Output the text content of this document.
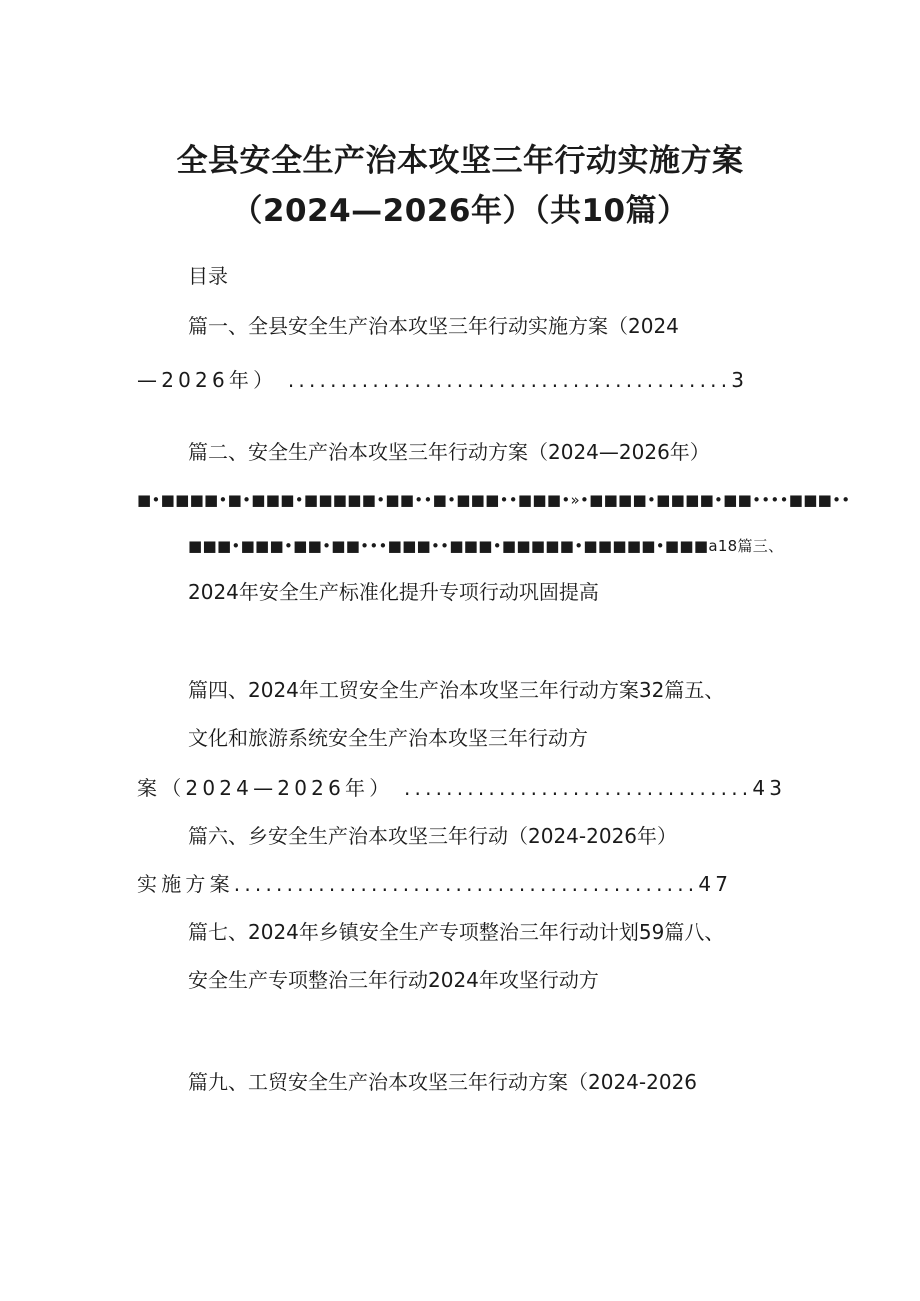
全县安全生产治本攻坚三年行动实施方案
（2024—2026年）（共10篇）
目录
篇一、全县安全生产治本攻坚三年行动实施方案（2024
—2026年） ..........................................3
篇二、安全生产治本攻坚三年行动方案（2024—2026年）
■•■■■■•■•■■■•■■■■■•■■••■•■■■••■■■•»•■■■■•■■■■•■■••••■■■••
■■■•■■■•■■•■■•••■■■••■■■•■■■■■•■■■■■•■■■a18篇三、
2024年安全生产标准化提升专项行动巩固提高
篇四、2024年工贸安全生产治本攻坚三年行动方案32篇五、
文化和旅游系统安全生产治本攻坚三年行动方
案（2024—2026年） .................................43
篇六、乡安全生产治本攻坚三年行动（2024-2026年）
实施方案............................................47
篇七、2024年乡镇安全生产专项整治三年行动计划59篇八、
安全生产专项整治三年行动2024年攻坚行动方
篇九、工贸安全生产治本攻坚三年行动方案（2024-2026
